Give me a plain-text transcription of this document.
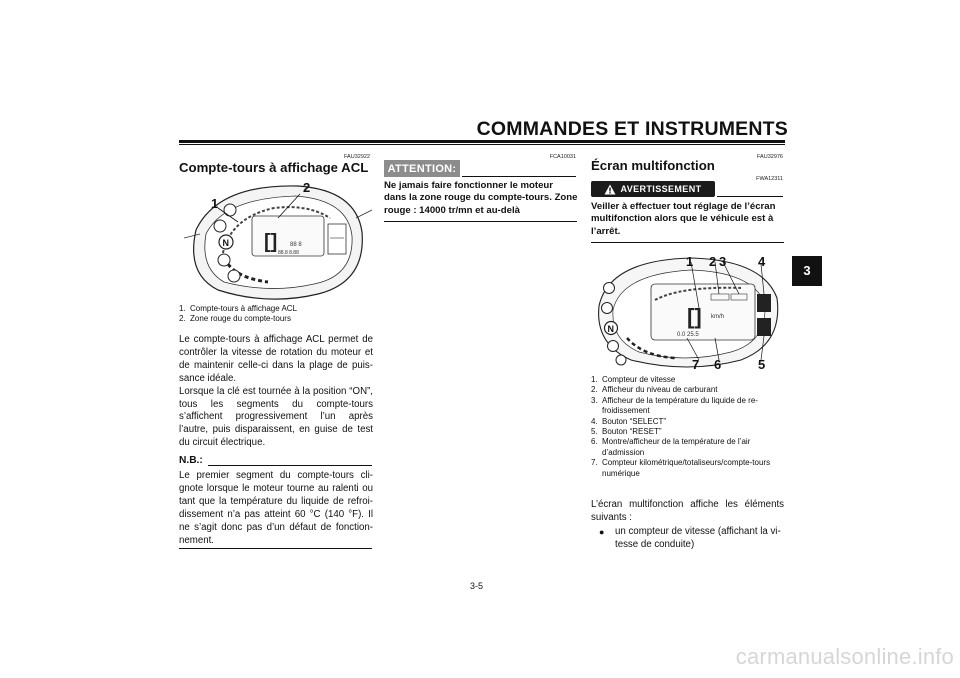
COMMANDES ET INSTRUMENTS
3
FAU32922
Compte-tours à affichage ACL
[] 88 8
88.8 8.88
N
1
2
1. Compte-tours à affichage ACL
2. Zone rouge du compte-tours

Le compte-tours à affichage ACL permet de contrôler la vitesse de rotation du moteur et de maintenir celle-ci dans la plage de puis-sance idéale.

Lorsque la clé est tournée à la position “ON”, tous les segments du compte-tours s’affichent progressivement l’un après l’autre, puis disparaissent, en guise de test du circuit électrique.

N.B.:
Le premier segment du compte-tours cli-gnote lorsque le moteur tourne au ralenti ou tant que la température du liquide de refroi-dissement n’a pas atteint 60 °C (140 °F). Il ne s’agit donc pas d’un défaut de fonction-nement.
FCA10031
ATTENTION:
Ne jamais faire fonctionner le moteur dans la zone rouge du compte-tours. Zone rouge : 14000 tr/mn et au-delà
FAU32976
Écran multifonction
AVERTISSEMENT
FWA12311
Veiller à effectuer tout réglage de l’écran multifonction alors que le véhicule est à l’arrêt.
[] km/h
0.0 25.5
N
1 2 3 4
5
6
7
1. Compteur de vitesse
2. Afficheur du niveau de carburant
3. Afficheur de la température du liquide de re-froidissement
4. Bouton “SELECT”
5. Bouton “RESET”
6. Montre/afficheur de la température de l’air d’admission
7. Compteur kilométrique/totaliseurs/compte-tours numérique
L’écran multifonction affiche les éléments suivants :
●	un compteur de vitesse (affichant la vi-tesse de conduite)
3-5
carmanualsonline.info
